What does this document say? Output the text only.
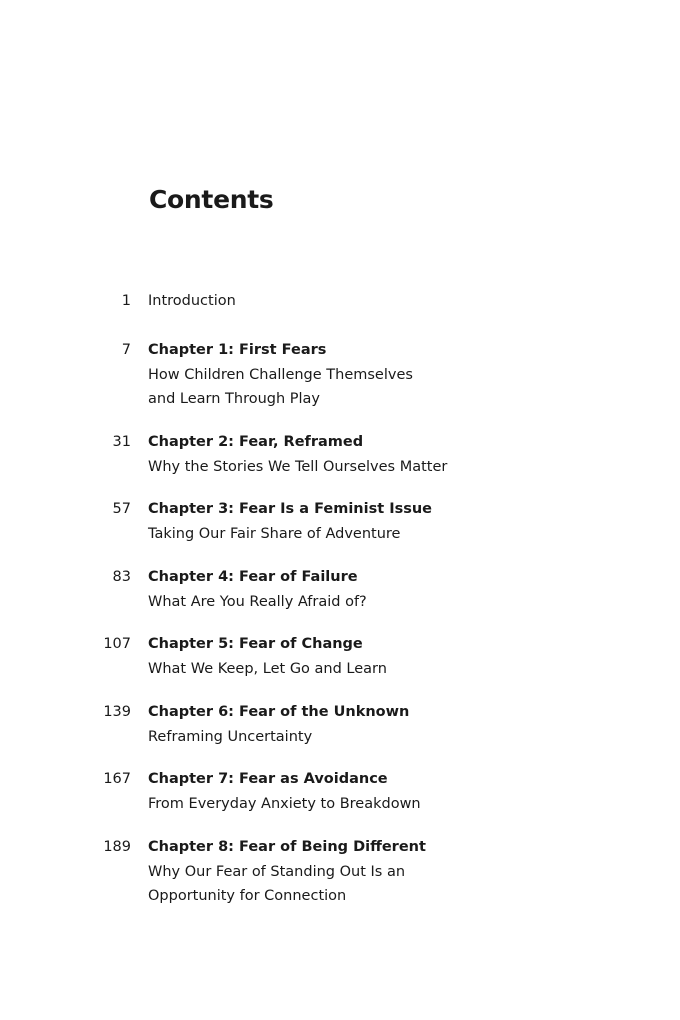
Contents
1 Introduction
7 Chapter 1: First Fears
How Children Challenge Themselves
and Learn Through Play
31 Chapter 2: Fear, Reframed
Why the Stories We Tell Ourselves Matter
57 Chapter 3: Fear Is a Feminist Issue
Taking Our Fair Share of Adventure
83 Chapter 4: Fear of Failure
What Are You Really Afraid of?
107 Chapter 5: Fear of Change
What We Keep, Let Go and Learn
139 Chapter 6: Fear of the Unknown
Reframing Uncertainty
167 Chapter 7: Fear as Avoidance
From Everyday Anxiety to Breakdown
189 Chapter 8: Fear of Being Different
Why Our Fear of Standing Out Is an
Opportunity for Connection
